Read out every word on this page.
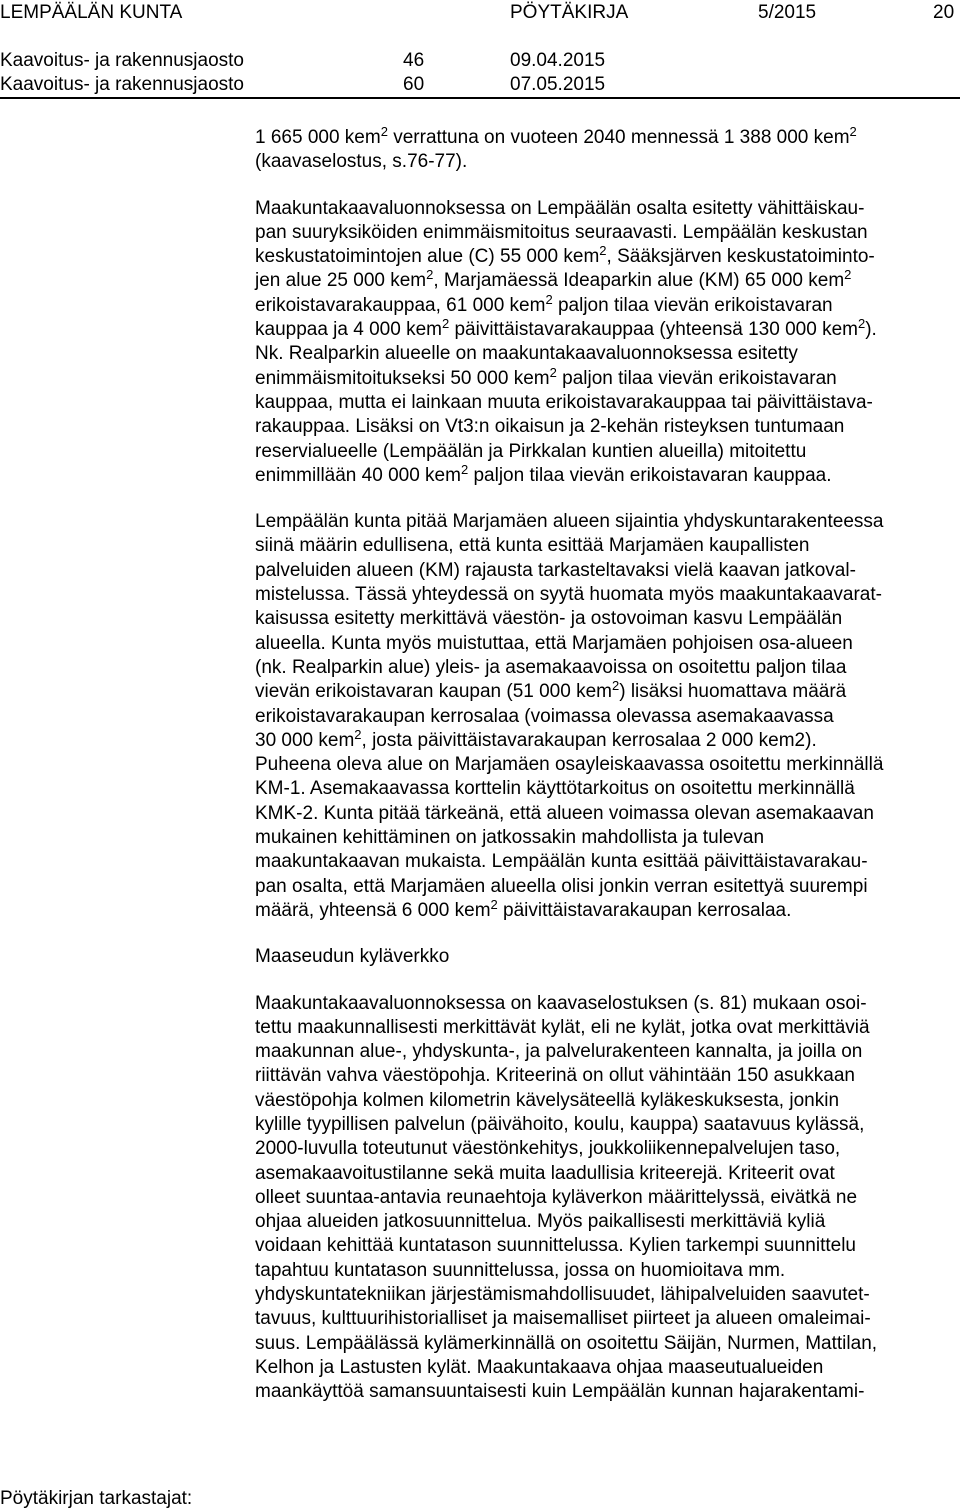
LEMPÄÄLÄN KUNTA	PÖYTÄKIRJA	5/2015	20
Kaavoitus- ja rakennusjaosto	46	09.04.2015
Kaavoitus- ja rakennusjaosto	60	07.05.2015

1 665 000 kem$^2$ verrattuna on vuoteen 2040 mennessä 1 388 000 kem$^2$
(kaavaselostus, s.76-77).

Maakuntakaavaluonnoksessa on Lempäälän osalta esitetty vähittäiskau-
pan suuryksiköiden enimmäismitoitus seuraavasti. Lempäälän keskustan
keskustatoimintojen alue (C) 55 000 kem$^2$, Sääksjärven keskustatoiminto-
jen alue 25 000 kem$^2$, Marjamäessä Ideaparkin alue (KM) 65 000 kem$^2$
erikoistavarakauppaa, 61 000 kem$^2$ paljon tilaa vievän erikoistavaran
kauppaa ja 4 000 kem$^2$ päivittäistavarakauppaa (yhteensä 130 000 kem$^2$).
Nk. Realparkin alueelle on maakuntakaavaluonnoksessa esitetty
enimmäismitoitukseksi 50 000 kem$^2$ paljon tilaa vievän erikoistavaran
kauppaa, mutta ei lainkaan muuta erikoistavarakauppaa tai päivittäistava-
rakauppaa. Lisäksi on Vt3:n oikaisun ja 2-kehän risteyksen tuntumaan
reservialueelle (Lempäälän ja Pirkkalan kuntien alueilla) mitoitettu
enimmillään 40 000 kem$^2$ paljon tilaa vievän erikoistavaran kauppaa.

Lempäälän kunta pitää Marjamäen alueen sijaintia yhdyskuntarakenteessa
siinä määrin edullisena, että kunta esittää Marjamäen kaupallisten
palveluiden alueen (KM) rajausta tarkasteltavaksi vielä kaavan jatkoval-
mistelussa. Tässä yhteydessä on syytä huomata myös maakuntakaavarat-
kaisussa esitetty merkittävä väestön- ja ostovoiman kasvu Lempäälän
alueella. Kunta myös muistuttaa, että Marjamäen pohjoisen osa-alueen
(nk. Realparkin alue) yleis- ja asemakaavoissa on osoitettu paljon tilaa
vievän erikoistavaran kaupan (51 000 kem$^2$) lisäksi huomattava määrä
erikoistavarakaupan kerrosalaa (voimassa olevassa asemakaavassa
30 000 kem$^2$, josta päivittäistavarakaupan kerrosalaa 2 000 kem2).
Puheena oleva alue on Marjamäen osayleiskaavassa osoitettu merkinnällä
KM-1. Asemakaavassa korttelin käyttötarkoitus on osoitettu merkinnällä
KMK-2. Kunta pitää tärkeänä, että alueen voimassa olevan asemakaavan
mukainen kehittäminen on jatkossakin mahdollista ja tulevan
maakuntakaavan mukaista. Lempäälän kunta esittää päivittäistavarakau-
pan osalta, että Marjamäen alueella olisi jonkin verran esitettyä suurempi
määrä, yhteensä 6 000 kem$^2$ päivittäistavarakaupan kerrosalaa.

Maaseudun kyläverkko

Maakuntakaavaluonnoksessa on kaavaselostuksen (s. 81) mukaan osoi-
tettu maakunnallisesti merkittävät kylät, eli ne kylät, jotka ovat merkittäviä
maakunnan alue-, yhdyskunta-, ja palvelurakenteen kannalta, ja joilla on
riittävän vahva väestöpohja. Kriteerinä on ollut vähintään 150 asukkaan
väestöpohja kolmen kilometrin kävelysäteellä kyläkeskuksesta, jonkin
kylille tyypillisen palvelun (päivähoito, koulu, kauppa) saatavuus kylässä,
2000-luvulla toteutunut väestönkehitys, joukkoliikennepalvelujen taso,
asemakaavoitustilanne sekä muita laadullisia kriteerejä. Kriteerit ovat
olleet suuntaa-antavia reunaehtoja kyläverkon määrittelyssä, eivätkä ne
ohjaa alueiden jatkosuunnittelua. Myös paikallisesti merkittäviä kyliä
voidaan kehittää kuntatason suunnittelussa. Kylien tarkempi suunnittelu
tapahtuu kuntatason suunnittelussa, jossa on huomioitava mm.
yhdyskuntatekniikan järjestämismahdollisuudet, lähipalveluiden saavutet-
tavuus, kulttuurihistorialliset ja maisemalliset piirteet ja alueen omaleimai-
suus. Lempäälässä kylämerkinnällä on osoitettu Säijän, Nurmen, Mattilan,
Kelhon ja Lastusten kylät. Maakuntakaava ohjaa maaseutualueiden
maankäyttöä samansuuntaisesti kuin Lempäälän kunnan hajarakentami-

Pöytäkirjan tarkastajat:
